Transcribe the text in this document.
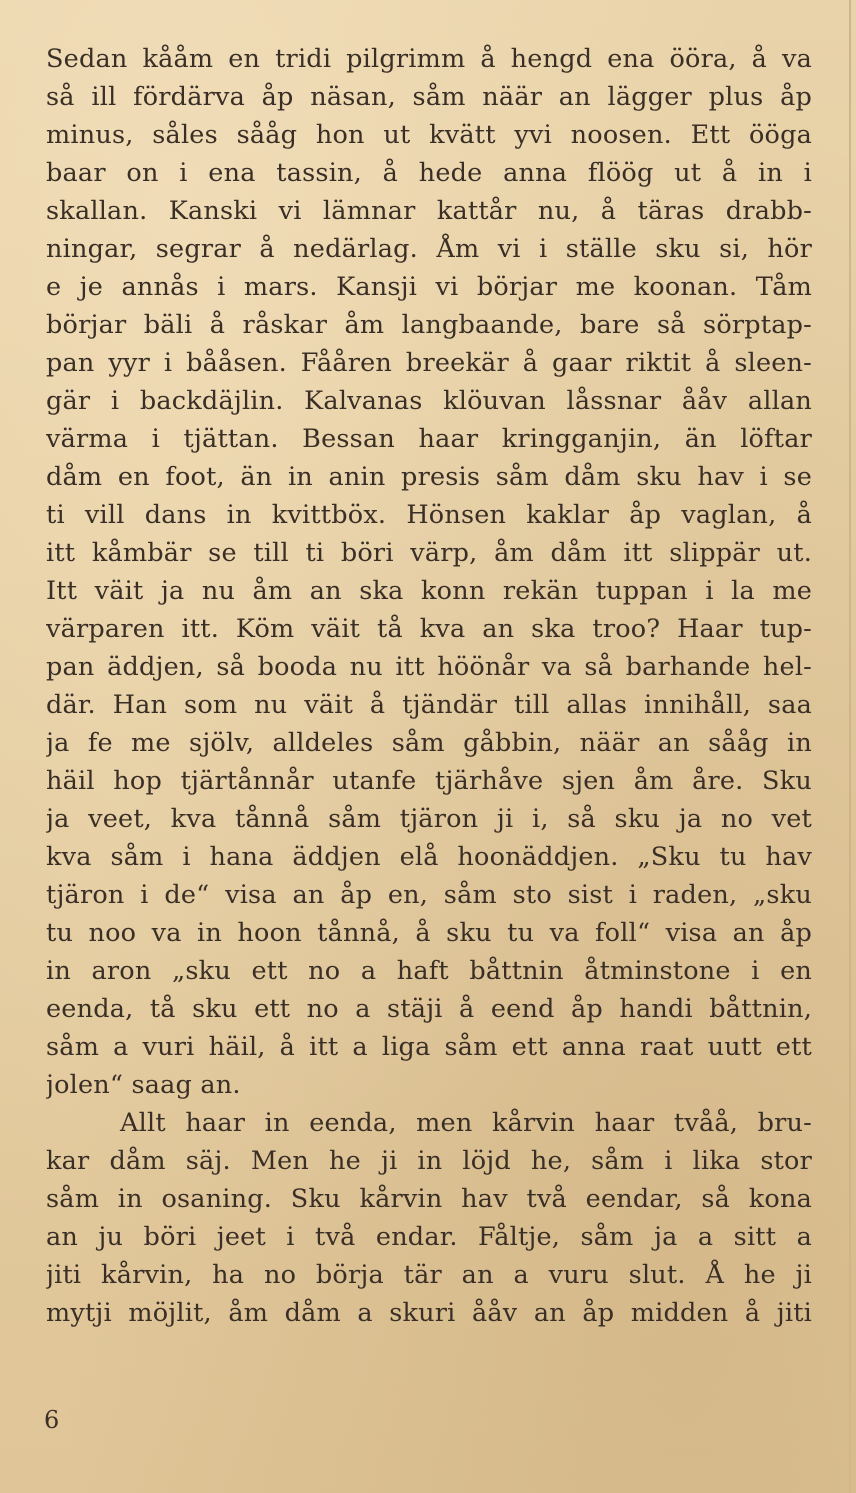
Sedan kååm en tridi pilgrimm å hengd ena ööra, å va
så ill fördärva åp näsan, såm näär an lägger plus åp
minus, såles sååg hon ut kvätt yvi noosen. Ett ööga
baar on i ena tassin, å hede anna flöög ut å in i
skallan. Kanski vi lämnar kattår nu, å täras drabb-
ningar, segrar å nedärlag. Åm vi i ställe sku si, hör
e je annås i mars. Kansji vi börjar me koonan. Tåm
börjar bäli å råskar åm langbaande, bare så sörptap-
pan yyr i bååsen. Fååren breekär å gaar riktit å sleen-
gär i backdäjlin. Kalvanas klöuvan låssnar ååv allan
värma i tjättan. Bessan haar kringganjin, än löftar
dåm en foot, än in anin presis såm dåm sku hav i se
ti vill dans in kvittböx. Hönsen kaklar åp vaglan, å
itt kåmbär se till ti böri värp, åm dåm itt slippär ut.
Itt väit ja nu åm an ska konn rekän tuppan i la me
värparen itt. Köm väit tå kva an ska troo? Haar tup-
pan äddjen, så booda nu itt höönår va så barhande hel-
där. Han som nu väit å tjändär till allas innihåll, saa
ja fe me sjölv, alldeles såm gåbbin, näär an sååg in
häil hop tjärtånnår utanfe tjärhåve sjen åm åre. Sku
ja veet, kva tånnå såm tjäron ji i, så sku ja no vet
kva såm i hana äddjen elå hoonäddjen. „Sku tu hav
tjäron i de“ visa an åp en, såm sto sist i raden, „sku
tu noo va in hoon tånnå, å sku tu va foll“ visa an åp
in aron „sku ett no a haft båttnin åtminstone i en
eenda, tå sku ett no a stäji å eend åp handi båttnin,
såm a vuri häil, å itt a liga såm ett anna raat uutt ett
jolen“ saag an.
Allt haar in eenda, men kårvin haar tvåå, bru-
kar dåm säj. Men he ji in löjd he, såm i lika stor
såm in osaning. Sku kårvin hav två eendar, så kona
an ju böri jeet i två endar. Fåltje, såm ja a sitt a
jiti kårvin, ha no börja tär an a vuru slut. Å he ji
mytji möjlit, åm dåm a skuri ååv an åp midden å jiti
6
